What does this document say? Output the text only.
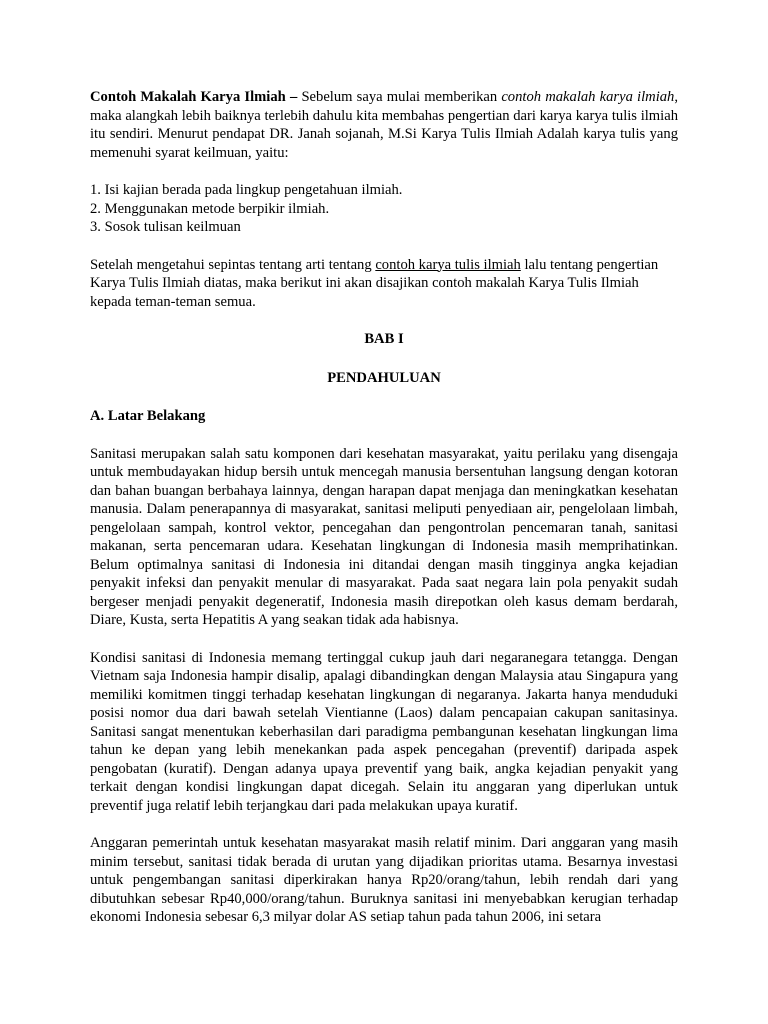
Contoh Makalah Karya Ilmiah – Sebelum saya mulai memberikan contoh makalah karya ilmiah, maka alangkah lebih baiknya terlebih dahulu kita membahas pengertian dari karya karya tulis ilmiah itu sendiri. Menurut pendapat DR. Janah sojanah, M.Si Karya Tulis Ilmiah Adalah karya tulis yang memenuhi syarat keilmuan, yaitu:

1. Isi kajian berada pada lingkup pengetahuan ilmiah.
2. Menggunakan metode berpikir ilmiah.
3. Sosok tulisan keilmuan

Setelah mengetahui sepintas tentang arti tentang contoh karya tulis ilmiah lalu tentang pengertian Karya Tulis Ilmiah diatas, maka berikut ini akan disajikan contoh makalah Karya Tulis Ilmiah kepada teman-teman semua.

BAB I
PENDAHULUAN
A. Latar Belakang

Sanitasi merupakan salah satu komponen dari kesehatan masyarakat, yaitu perilaku yang disengaja untuk membudayakan hidup bersih untuk mencegah manusia bersentuhan langsung dengan kotoran dan bahan buangan berbahaya lainnya, dengan harapan dapat menjaga dan meningkatkan kesehatan manusia. Dalam penerapannya di masyarakat, sanitasi meliputi penyediaan air, pengelolaan limbah, pengelolaan sampah, kontrol vektor, pencegahan dan pengontrolan pencemaran tanah, sanitasi makanan, serta pencemaran udara. Kesehatan lingkungan di Indonesia masih memprihatinkan. Belum optimalnya sanitasi di Indonesia ini ditandai dengan masih tingginya angka kejadian penyakit infeksi dan penyakit menular di masyarakat. Pada saat negara lain pola penyakit sudah bergeser menjadi penyakit degeneratif, Indonesia masih direpotkan oleh kasus demam berdarah, Diare, Kusta, serta Hepatitis A yang seakan tidak ada habisnya.

Kondisi sanitasi di Indonesia memang tertinggal cukup jauh dari negaranegara tetangga. Dengan Vietnam saja Indonesia hampir disalip, apalagi dibandingkan dengan Malaysia atau Singapura yang memiliki komitmen tinggi terhadap kesehatan lingkungan di negaranya. Jakarta hanya menduduki posisi nomor dua dari bawah setelah Vientianne (Laos) dalam pencapaian cakupan sanitasinya. Sanitasi sangat menentukan keberhasilan dari paradigma pembangunan kesehatan lingkungan lima tahun ke depan yang lebih menekankan pada aspek pencegahan (preventif) daripada aspek pengobatan (kuratif). Dengan adanya upaya preventif yang baik, angka kejadian penyakit yang terkait dengan kondisi lingkungan dapat dicegah. Selain itu anggaran yang diperlukan untuk preventif juga relatif lebih terjangkau dari pada melakukan upaya kuratif.

Anggaran pemerintah untuk kesehatan masyarakat masih relatif minim. Dari anggaran yang masih minim tersebut, sanitasi tidak berada di urutan yang dijadikan prioritas utama. Besarnya investasi untuk pengembangan sanitasi diperkirakan hanya Rp20/orang/tahun, lebih rendah dari yang dibutuhkan sebesar Rp40,000/orang/tahun. Buruknya sanitasi ini menyebabkan kerugian terhadap ekonomi Indonesia sebesar 6,3 milyar dolar AS setiap tahun pada tahun 2006, ini setara
